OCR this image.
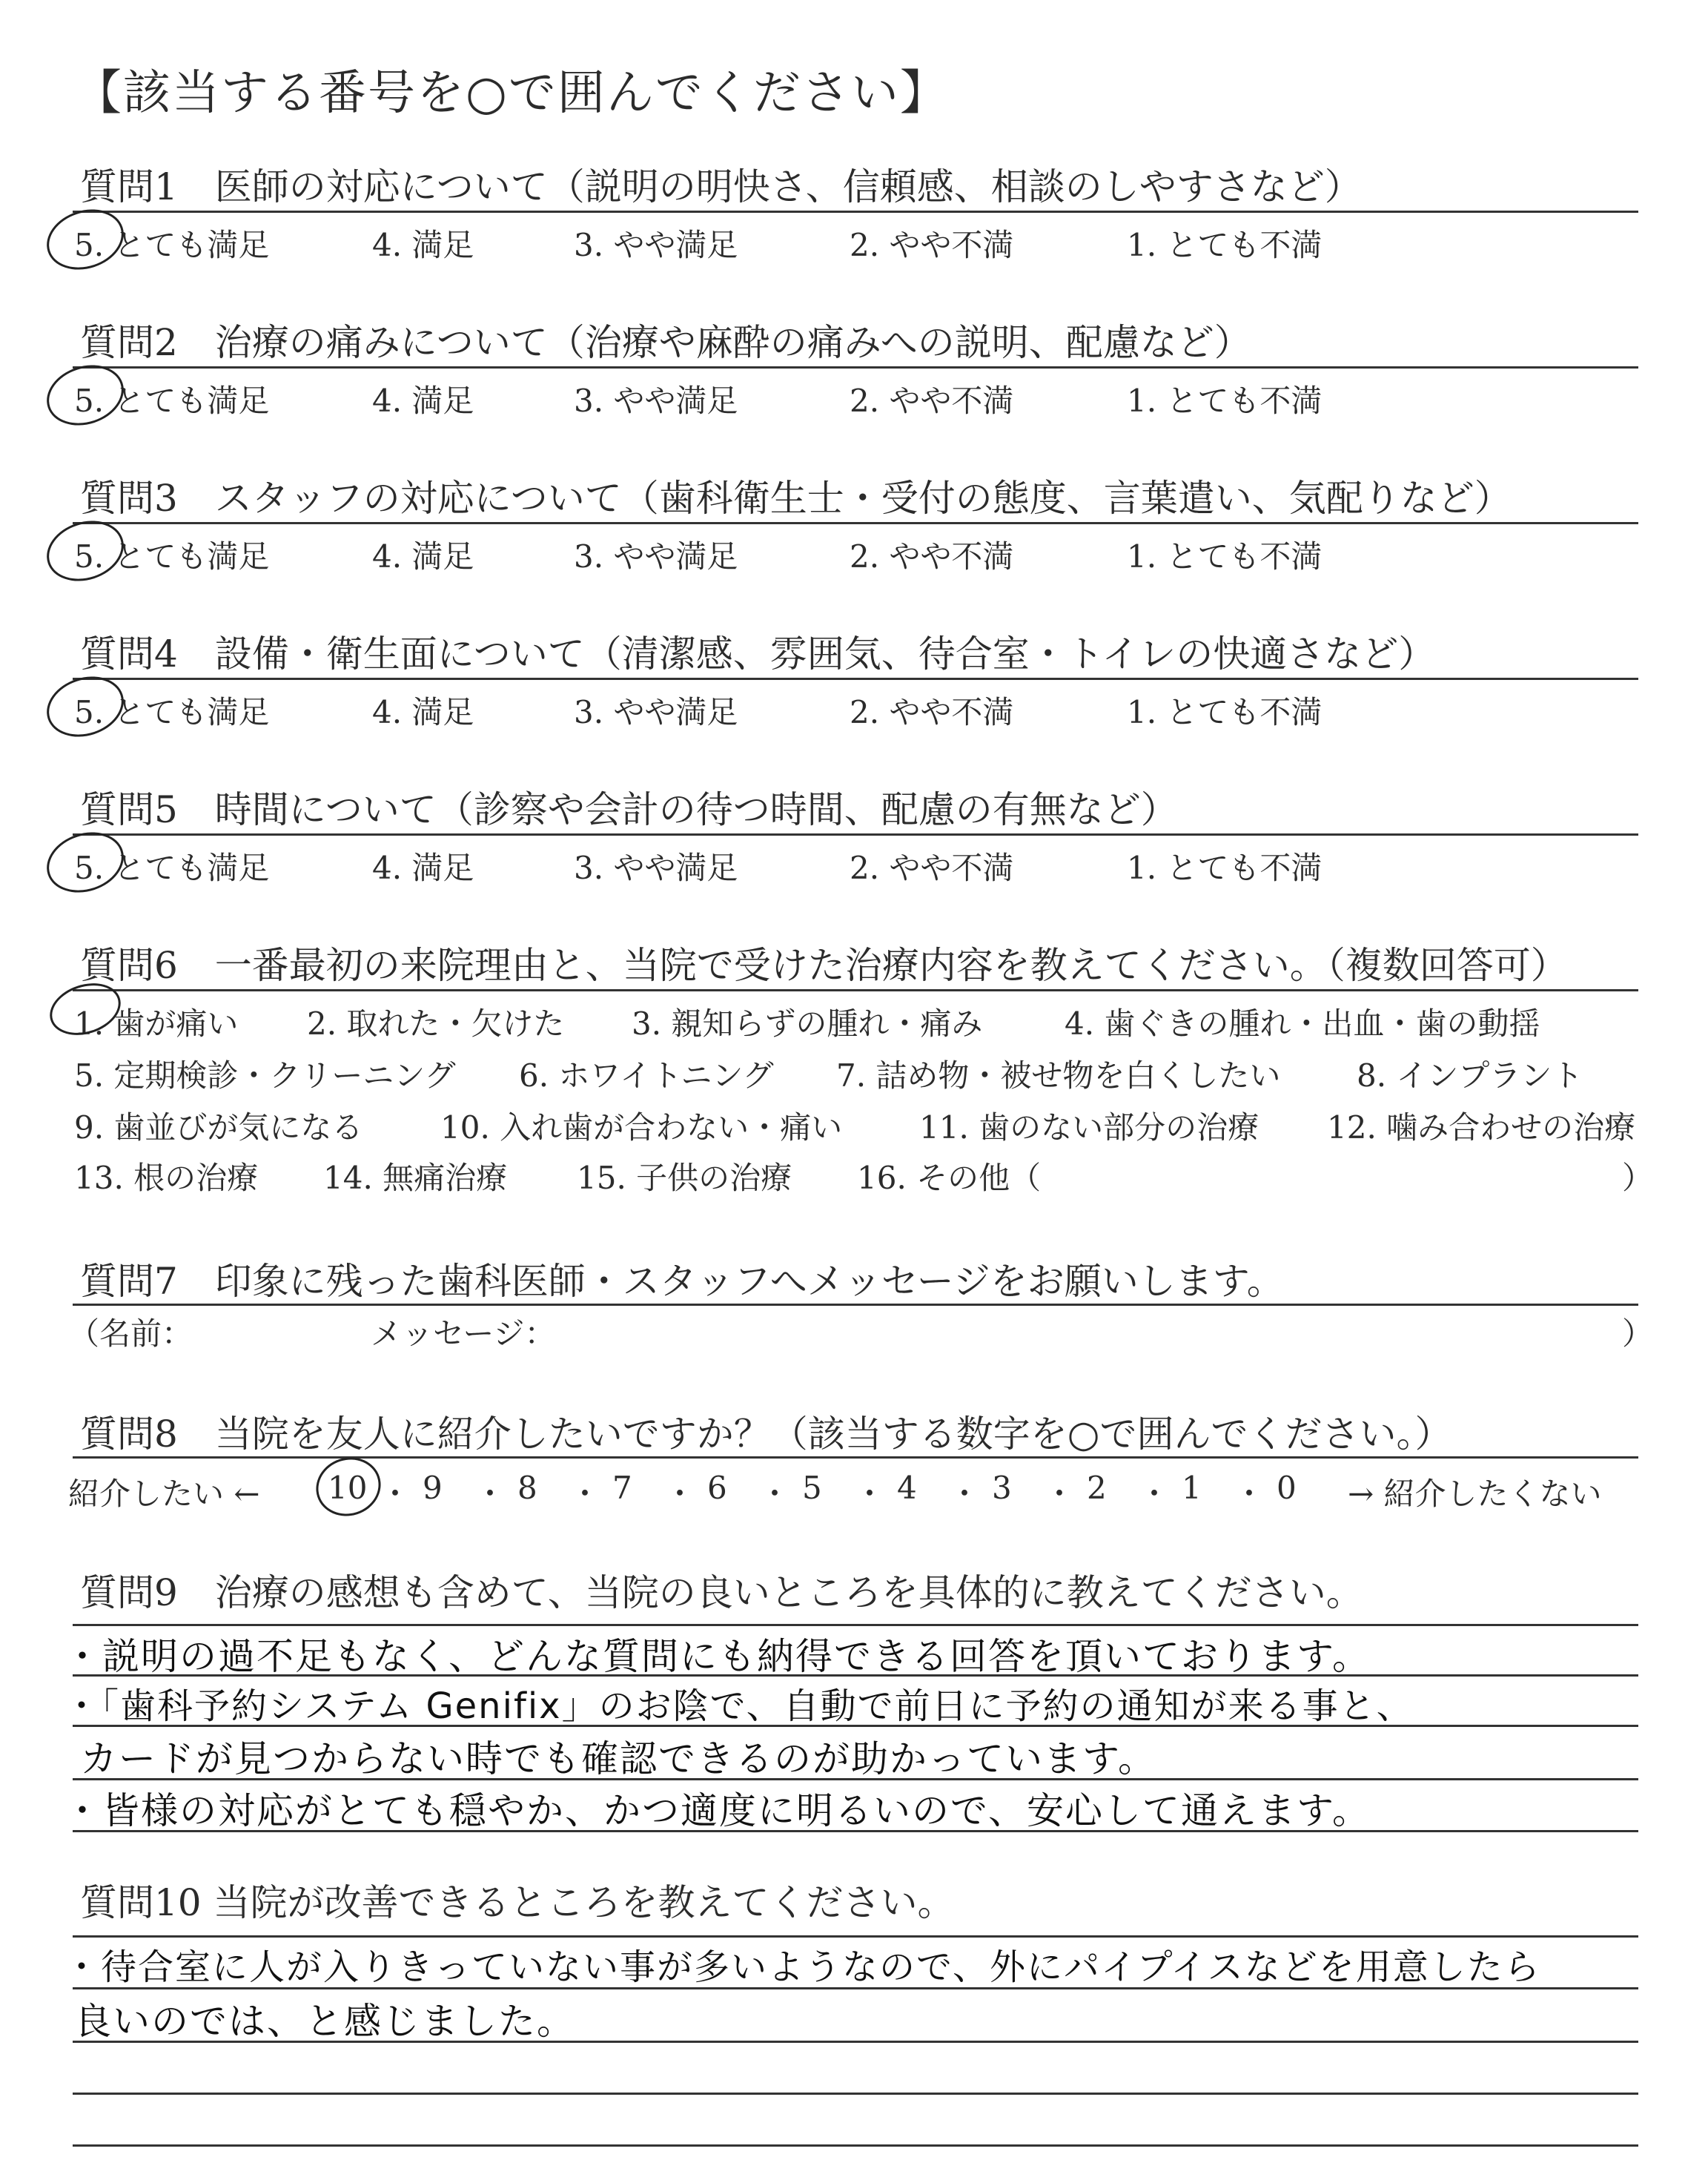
【該当する番号を○で囲んでください】
質問1　医師の対応について（説明の明快さ、信頼感、相談のしやすさなど）
5. とても満足	4. 満足	3. やや満足	2. やや不満	1. とても不満
質問2　治療の痛みについて（治療や麻酔の痛みへの説明、配慮など）
5. とても満足	4. 満足	3. やや満足	2. やや不満	1. とても不満
質問3　スタッフの対応について（歯科衛生士・受付の態度、言葉遣い、気配りなど）
5. とても満足	4. 満足	3. やや満足	2. やや不満	1. とても不満
質問4　設備・衛生面について（清潔感、雰囲気、待合室・トイレの快適さなど）
5. とても満足	4. 満足	3. やや満足	2. やや不満	1. とても不満
質問5　時間について（診察や会計の待つ時間、配慮の有無など）
5. とても満足	4. 満足	3. やや満足	2. やや不満	1. とても不満
質問6　一番最初の来院理由と、当院で受けた治療内容を教えてください。（複数回答可）
1. 歯が痛い 2. 取れた・欠けた 3. 親知らずの腫れ・痛み	4. 歯ぐきの腫れ・出血・歯の動揺
5. 定期検診・クリーニング 6. ホワイトニング 7. 詰め物・被せ物を白くしたい 8. インプラント
9. 歯並びが気になる 10. 入れ歯が合わない・痛い 11. 歯のない部分の治療 12. 噛み合わせの治療
13. 根の治療 14. 無痛治療 15. 子供の治療 16. その他（	）
質問7　印象に残った歯科医師・スタッフへメッセージをお願いします。
（名前：	メッセージ：	）
質問8　当院を友人に紹介したいですか？（該当する数字を○で囲んでください。）
紹介したい ← 10 ・ 9 ・ 8 ・ 7 ・ 6 ・ 5 ・ 4 ・ 3 ・ 2 ・ 1 ・ 0 → 紹介したくない
質問9　治療の感想も含めて、当院の良いところを具体的に教えてください。
・説明の過不足もなく、どんな質問にも納得できる回答を頂いております。
・「歯科予約システム Genifix」のお陰で、自動で前日に予約の通知が来る事と、
カードが見つからない時でも確認できるのが助かっています。
・皆様の対応がとても穏やか、かつ適度に明るいので、安心して通えます。
質問10 当院が改善できるところを教えてください。
・待合室に人が入りきっていない事が多いようなので、外にパイプイスなどを用意したら
良いのでは、と感じました。
